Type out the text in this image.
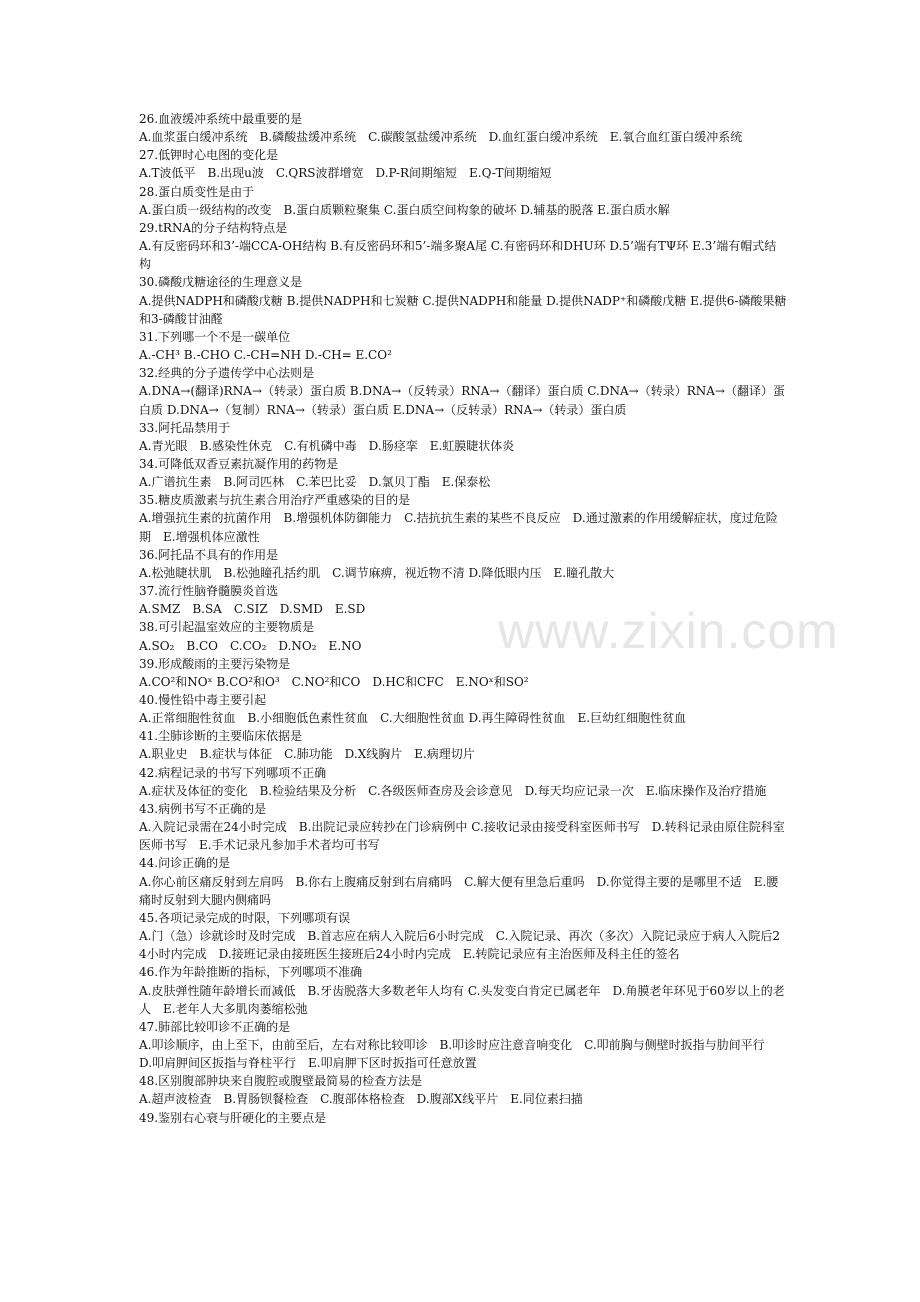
www.zixin.com

26.血液缓冲系统中最重要的是

A.血浆蛋白缓冲系统　B.磷酸盐缓冲系统　C.碳酸氢盐缓冲系统　D.血红蛋白缓冲系统　E.氧合血红蛋白缓冲系统

27.低钾时心电图的变化是

A.T波低平　B.出现u波　C.QRS波群增宽　D.P-R间期缩短　E.Q-T间期缩短

28.蛋白质变性是由于

A.蛋白质一级结构的改变　B.蛋白质颗粒聚集 C.蛋白质空间构象的破坏 D.辅基的脱落 E.蛋白质水解

29.tRNA的分子结构特点是

A.有反密码环和3’-端CCA-OH结构 B.有反密码环和5’-端多聚A尾 C.有密码环和DHU环 D.5’端有TΨ环 E.3’端有帽式结构

30.磷酸戊糖途径的生理意义是

A.提供NADPH和磷酸戊糖 B.提供NADPH和七炭糖 C.提供NADPH和能量 D.提供NADP⁺和磷酸戊糖 E.提供6-磷酸果糖和3-磷酸甘油醛

31.下列哪一个不是一碳单位

A.-CH³ B.-CHO C.-CH=NH D.-CH= E.CO²

32.经典的分子遗传学中心法则是

A.DNA→(翻译)RNA→（转录）蛋白质 B.DNA→（反转录）RNA→（翻译）蛋白质 C.DNA→（转录）RNA→（翻译）蛋白质 D.DNA→（复制）RNA→（转录）蛋白质 E.DNA→（反转录）RNA→（转录）蛋白质

33.阿托品禁用于

A.青光眼　B.感染性休克　C.有机磷中毒　D.肠痉挛　E.虹膜睫状体炎

34.可降低双香豆素抗凝作用的药物是

A.广谱抗生素　B.阿司匹林　C.苯巴比妥　D.氯贝丁酯　E.保泰松

35.糖皮质激素与抗生素合用治疗严重感染的目的是

A.增强抗生素的抗菌作用　B.增强机体防御能力　C.拮抗抗生素的某些不良反应　D.通过激素的作用缓解症状，度过危险期　E.增强机体应激性

36.阿托品不具有的作用是

A.松弛睫状肌　B.松弛瞳孔括约肌　C.调节麻痹，视近物不清 D.降低眼内压　E.瞳孔散大

37.流行性脑脊髓膜炎首选

A.SMZ　B.SA　C.SIZ　D.SMD　E.SD

38.可引起温室效应的主要物质是

A.SO₂　B.CO　C.CO₂　D.NO₂　E.NO

39.形成酸雨的主要污染物是

A.CO²和NOˣ B.CO²和O³　C.NO²和CO　D.HC和CFC　E.NOˣ和SO²

40.慢性铅中毒主要引起

A.正常细胞性贫血　B.小细胞低色素性贫血　C.大细胞性贫血 D.再生障碍性贫血　E.巨幼红细胞性贫血

41.尘肺诊断的主要临床依据是

A.职业史　B.症状与体征　C.肺功能　D.X线胸片　E.病理切片

42.病程记录的书写下列哪项不正确

A.症状及体征的变化　B.检验结果及分析　C.各级医师查房及会诊意见　D.每天均应记录一次　E.临床操作及治疗措施

43.病例书写不正确的是

A.入院记录需在24小时完成　B.出院记录应转抄在门诊病例中 C.接收记录由接受科室医师书写　D.转科记录由原住院科室医师书写　E.手术记录凡参加手术者均可书写

44.问诊正确的是

A.你心前区痛反射到左肩吗　B.你右上腹痛反射到右肩痛吗　C.解大便有里急后重吗　D.你觉得主要的是哪里不适　E.腰痛时反射到大腿内侧痛吗

45.各项记录完成的时限，下列哪项有误

A.门（急）诊就诊时及时完成　B.首志应在病人入院后6小时完成　C.入院记录、再次（多次）入院记录应于病人入院后24小时内完成　D.接班记录由接班医生接班后24小时内完成　E.转院记录应有主治医师及科主任的签名

46.作为年龄推断的指标，下列哪项不准确

A.皮肤弹性随年龄增长而减低　B.牙齿脱落大多数老年人均有 C.头发变白肯定已属老年　D.角膜老年环见于60岁以上的老人　E.老年人大多肌肉萎缩松弛

47.肺部比较叩诊不正确的是

A.叩诊顺序，由上至下，由前至后，左右对称比较叩诊　B.叩诊时应注意音响变化　C.叩前胸与侧壁时扳指与肋间平行　D.叩肩胛间区扳指与脊柱平行　E.叩肩胛下区时扳指可任意放置

48.区别腹部肿块来自腹腔或腹壁最简易的检查方法是

A.超声波检查　B.胃肠钡餐检查　C.腹部体格检查　D.腹部X线平片　E.同位素扫描

49.鉴别右心衰与肝硬化的主要点是
